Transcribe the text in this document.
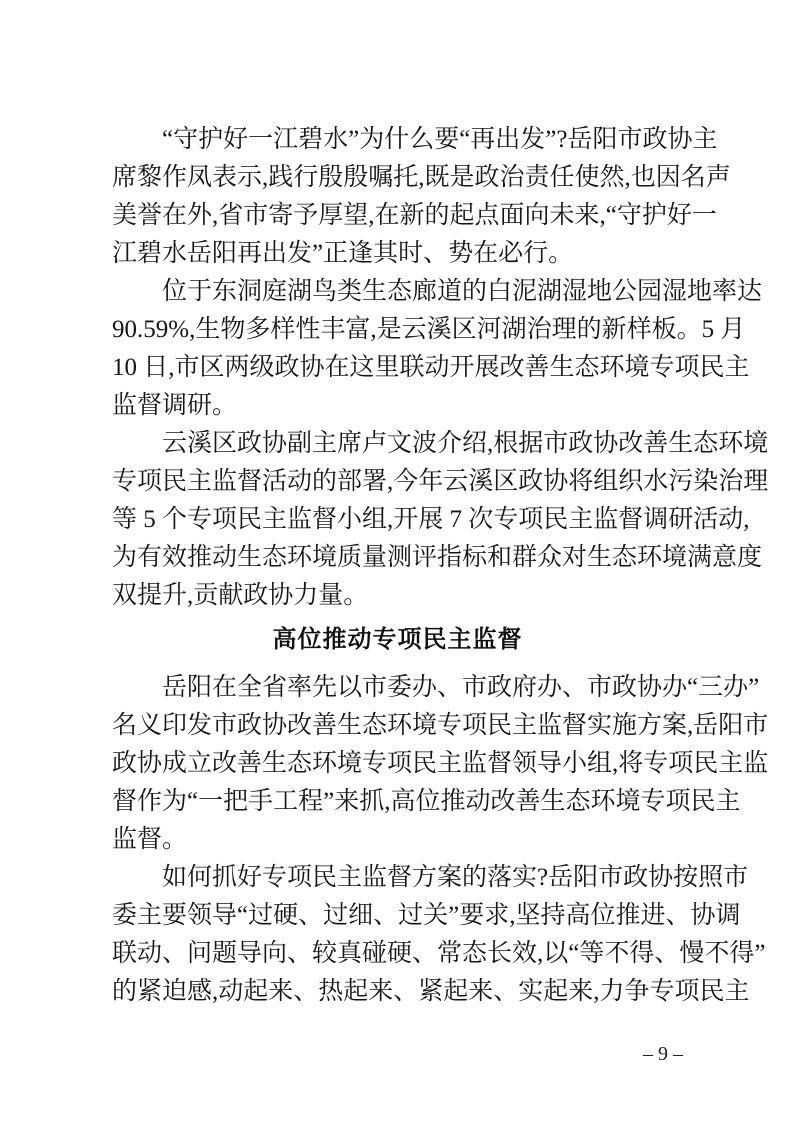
“守护好一江碧水”为什么要“再出发”?岳阳市政协主
席黎作凤表示,践行殷殷嘱托,既是政治责任使然,也因名声
美誉在外,省市寄予厚望,在新的起点面向未来,“守护好一
江碧水岳阳再出发”正逢其时、势在必行。

位于东洞庭湖鸟类生态廊道的白泥湖湿地公园湿地率达
90.59%,生物多样性丰富,是云溪区河湖治理的新样板。5 月
10 日,市区两级政协在这里联动开展改善生态环境专项民主
监督调研。

云溪区政协副主席卢文波介绍,根据市政协改善生态环境
专项民主监督活动的部署,今年云溪区政协将组织水污染治理
等 5 个专项民主监督小组,开展 7 次专项民主监督调研活动,
为有效推动生态环境质量测评指标和群众对生态环境满意度
双提升,贡献政协力量。

高位推动专项民主监督

岳阳在全省率先以市委办、市政府办、市政协办“三办”
名义印发市政协改善生态环境专项民主监督实施方案,岳阳市
政协成立改善生态环境专项民主监督领导小组,将专项民主监
督作为“一把手工程”来抓,高位推动改善生态环境专项民主
监督。

如何抓好专项民主监督方案的落实?岳阳市政协按照市
委主要领导“过硬、过细、过关”要求,坚持高位推进、协调
联动、问题导向、较真碰硬、常态长效,以“等不得、慢不得”
的紧迫感,动起来、热起来、紧起来、实起来,力争专项民主

– 9 –
